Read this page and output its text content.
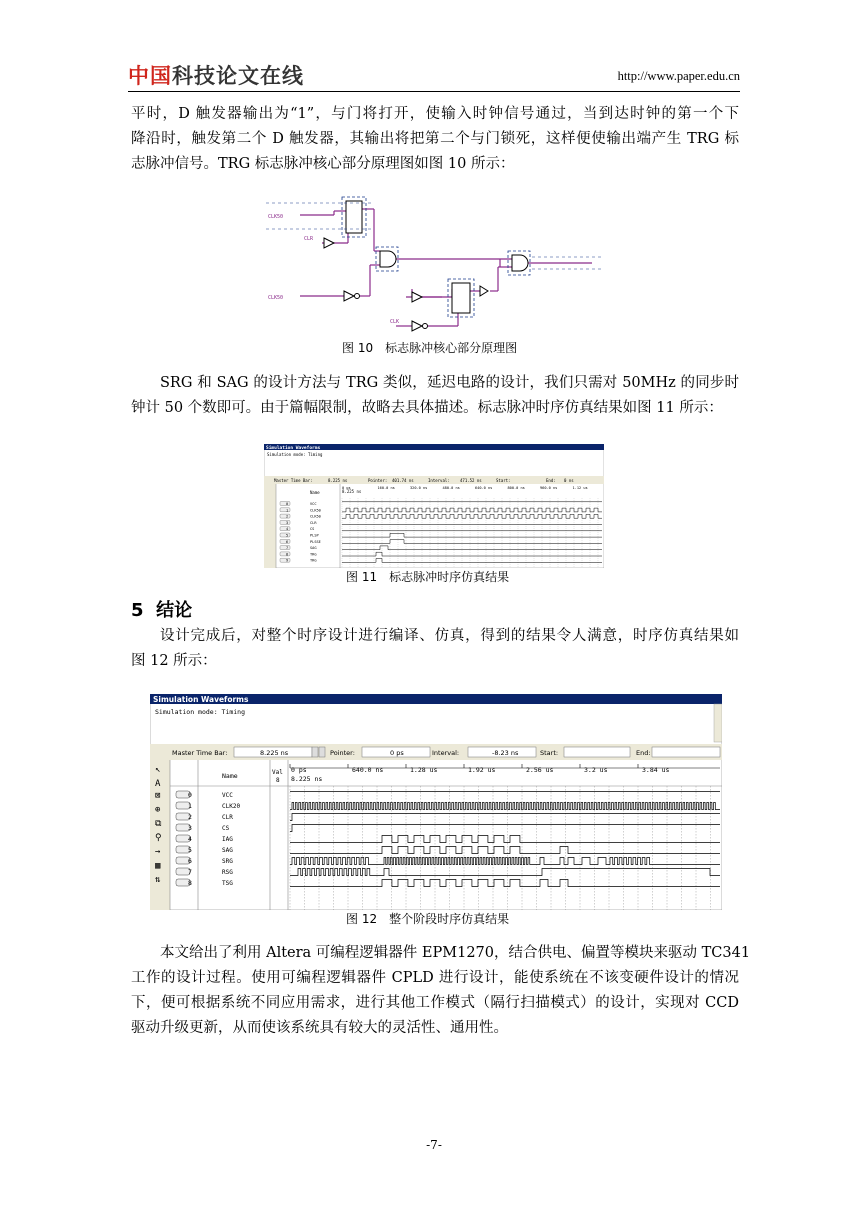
中国科技论文在线	http://www.paper.edu.cn
平时，D 触发器输出为“1”，与门将打开，使输入时钟信号通过，当到达时钟的第一个下
降沿时，触发第二个 D 触发器，其输出将把第二个与门锁死，这样便使输出端产生 TRG 标
志脉冲信号。TRG 标志脉冲核心部分原理图如图 10 所示：
CLK50
CLR
CLK50
CLK
图 10　标志脉冲核心部分原理图
SRG 和 SAG 的设计方法与 TRG 类似，延迟电路的设计，我们只需对 50MHz 的同步时
钟计 50 个数即可。由于篇幅限制，故略去具体描述。标志脉冲时序仿真结果如图 11 所示：
Simulation Waveforms
Simulation mode: Timing
Master Time Bar:	8.225 ns	Pointer: 401.74 ns	Interval:	471.52 ns	Start:	End: 0 ns
Name
0 ps	160.0 ns	320.0 ns	480.0 ns	640.0 ns	800.0 ns	960.0 ns	1.12 us
8.225 ns
0	VCC
1	CLK50
2	CLK50
3	CLR
4	CS
5	PLSP
6	PLSSE
7	SAG
8	TRG
9	TRG
图 11　标志脉冲时序仿真结果
5 结论
设计完成后，对整个时序设计进行编译、仿真，得到的结果令人满意，时序仿真结果如
图 12 所示：
Simulation Waveforms
Simulation mode: Timing
Master Time Bar:	8.225 ns	Pointer:	0 ps	Interval:	-8.23 ns	Start:	End:
↖
A
⊠
⊕
⧉
⚲
→
▦
⇅
Name	Val
8
0 ps	640.0 ns	1.28 us	1.92 us	2.56 us	3.2 us	3.84 us
8.225 ns
0	VCC
1	CLK20
2	CLR
3	CS
4	IAG
5	SAG
6	SRG
7	RSG
8	TSG
图 12　整个阶段时序仿真结果
本文给出了利用 Altera 可编程逻辑器件 EPM1270，结合供电、偏置等模块来驱动 TC341
工作的设计过程。使用可编程逻辑器件 CPLD 进行设计，能使系统在不该变硬件设计的情况
下，便可根据系统不同应用需求，进行其他工作模式（隔行扫描模式）的设计，实现对 CCD
驱动升级更新，从而使该系统具有较大的灵活性、通用性。
-7-
